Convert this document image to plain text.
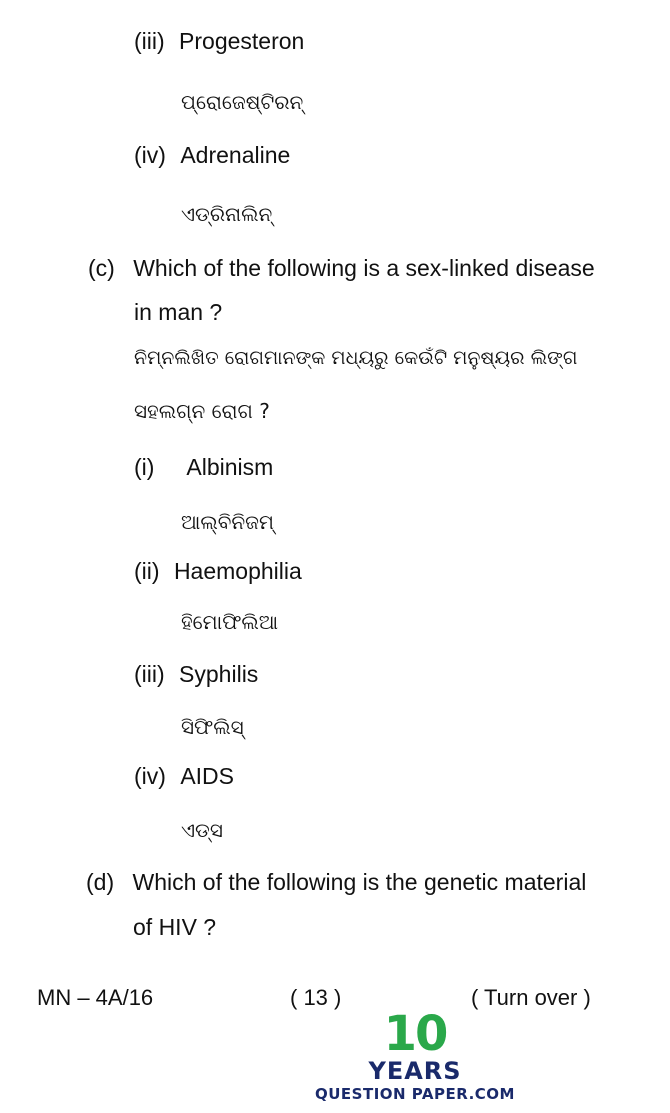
(iii) Progesteron
ପ୍ରୋଜେଷ୍ଟିରନ୍
(iv) Adrenaline
ଏଡ୍ରିନାଲିନ୍
(c) Which of the following is a sex-linked disease
in man ?
ନିମ୍ନଲିଖିତ ରୋଗମାନଙ୍କ ମଧ୍ୟରୁ କେଉଁଟି ମନୁଷ୍ୟର ଲିଙ୍ଗ
ସହଲଗ୍ନ ରୋଗ ?
(i) Albinism
ଆଲ୍‌ବିନିଜମ୍
(ii) Haemophilia
ହିମୋଫିଲିଆ
(iii) Syphilis
ସିଫିଲିସ୍
(iv) AIDS
ଏଡ୍‌ସ
(d) Which of the following is the genetic material
of HIV ?
MN – 4A/16	( 13 )	( Turn over )
10
YEARS
QUESTION PAPER.COM
